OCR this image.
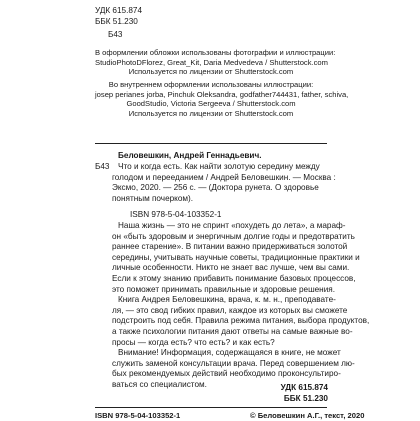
УДК 615.874
ББК 51.230
Б43
В оформлении обложки использованы фотографии и иллюстрации:
StudioPhotoDFlorez, Great_Kit, Daria Medvedeva / Shutterstock.com
Используется по лицензии от Shutterstock.com
Во внутреннем оформлении использованы иллюстрации:
josep perianes jorba, Pinchuk Oleksandra, godfather744431, father, schiva,
GoodStudio, Victoria Sergeeva / Shutterstock.com
Используется по лицензии от Shutterstock.com
Б43
Беловешкин, Андрей Геннадьевич.
Что и когда есть. Как найти золотую середину между
голодом и перееданием / Андрей Беловешкин. — Москва :
Эксмо, 2020. — 256 с. — (Доктора рунета. О здоровье
понятным почерком).
ISBN 978-5-04-103352-1
Наша жизнь — это не спринт «похудеть до лета», а мараф-
он «быть здоровым и энергичным долгие годы и предотвратить
раннее старение». В питании важно придерживаться золотой
середины, учитывать научные советы, традиционные практики и
личные особенности. Никто не знает вас лучше, чем вы сами.
Если к этому знанию прибавить понимание базовых процессов,
это поможет принимать правильные и здоровые решения.
Книга Андрея Беловешкина, врача, к. м. н., преподавате-
ля, — это свод гибких правил, каждое из которых вы сможете
подстроить под себя. Правила режима питания, выбора продуктов,
а также психологии питания дают ответы на самые важные во-
просы — когда есть? что есть? и как есть?
Внимание! Информация, содержащаяся в книге, не может
служить заменой консультации врача. Перед совершением лю-
бых рекомендуемых действий необходимо проконсультиро-
ваться со специалистом.	УДК 615.874
ББК 51.230
ISBN 978-5-04-103352-1	© Беловешкин А.Г., текст, 2020
